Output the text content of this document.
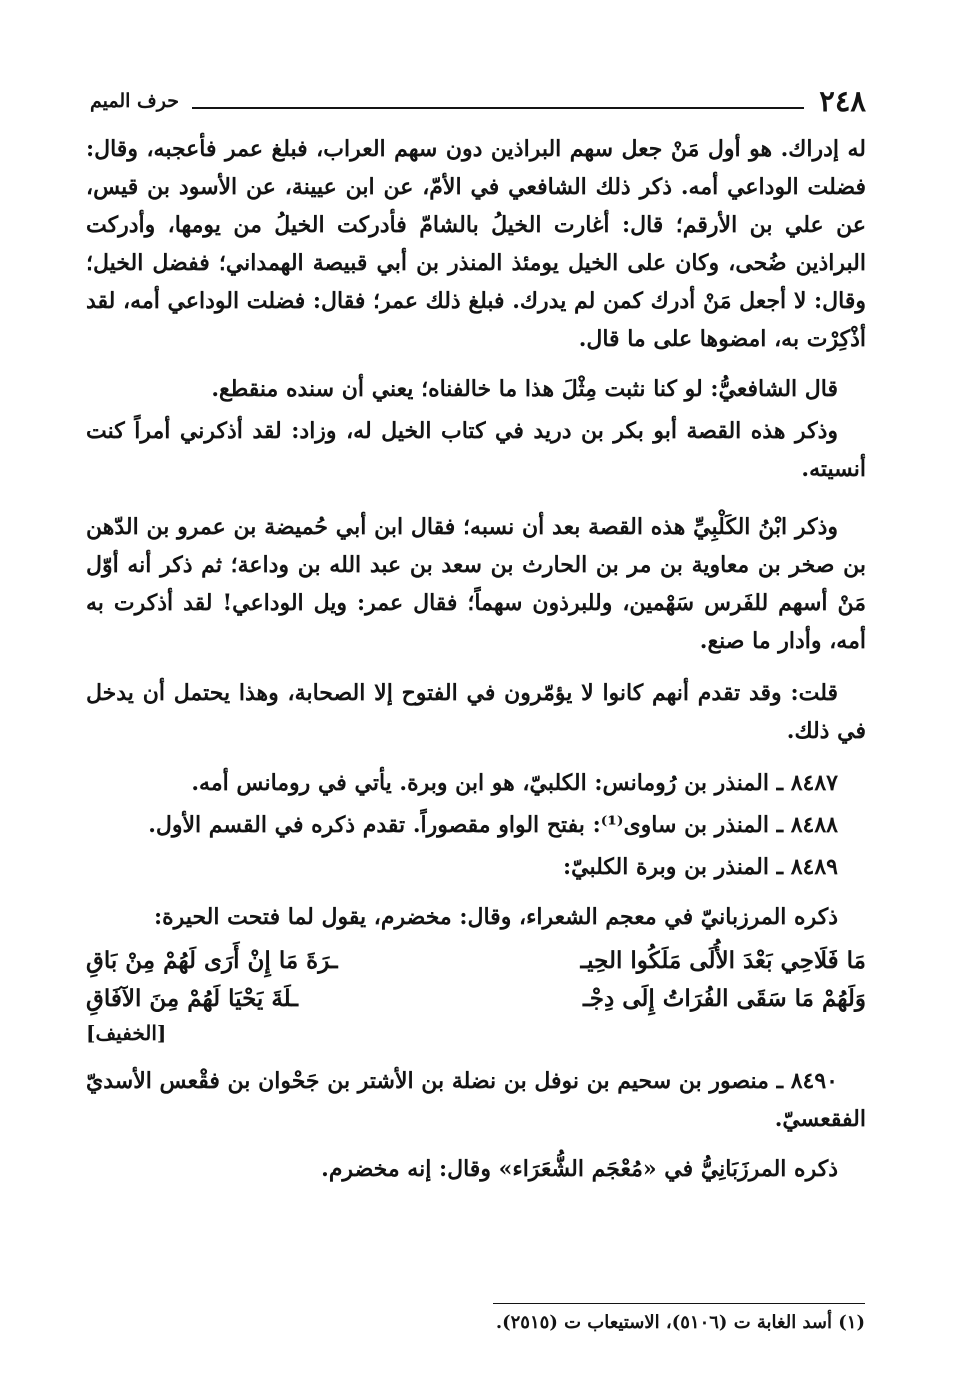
٢٤٨
حرف الميم

له إدراك. هو أول مَنْ جعل سهم البراذين دون سهم العراب، فبلغ عمر فأعجبه، وقال: فضلت الوداعي أمه. ذكر ذلك الشافعي في الأمّ، عن ابن عيينة، عن الأسود بن قيس، عن علي بن الأرقم؛ قال: أغارت الخيلُ بالشامّ فأدركت الخيلُ من يومها، وأدركت البراذين ضُحى، وكان على الخيل يومئذ المنذر بن أبي قبيصة الهمداني؛ ففضل الخيل؛ وقال: لا أجعل مَنْ أدرك كمن لم يدرك. فبلغ ذلك عمر؛ فقال: فضلت الوداعي أمه، لقد أذْكِرْت به، امضوها على ما قال.

قال الشافعيُّ: لو كنا نثبت مِثْلَ هذا ما خالفناه؛ يعني أن سنده منقطع.

وذكر هذه القصة أبو بكر بن دريد في كتاب الخيل له، وزاد: لقد أذكرني أمراً كنت أنسيته.

وذكر ابْنُ الكَلْبِيِّ هذه القصة بعد أن نسبه؛ فقال ابن أبي حُميضة بن عمرو بن الدّهن بن صخر بن معاوية بن مر بن الحارث بن سعد بن عبد الله بن وداعة؛ ثم ذكر أنه أوّل مَنْ أسهم للفَرس سَهْمين، وللبرذون سهماً؛ فقال عمر: ويل الوداعي! لقد أذكرت به أمه، وأدار ما صنع.

قلت: وقد تقدم أنهم كانوا لا يؤمّرون في الفتوح إلا الصحابة، وهذا يحتمل أن يدخل في ذلك.

٨٤٨٧ ـ المنذر بن رُومانس: الكلبيّ، هو ابن وبرة. يأتي في رومانس أمه.

٨٤٨٨ ـ المنذر بن ساوى⁽¹⁾: بفتح الواو مقصوراً. تقدم ذكره في القسم الأول.

٨٤٨٩ ـ المنذر بن وبرة الكلبيّ:

ذكره المرزبانيّ في معجم الشعراء، وقال: مخضرم، يقول لما فتحت الحيرة:

مَا فَلَاحِي بَعْدَ الأُلَى مَلَكُوا الحِيـ
ـرَةَ مَا إِنْ أَرَى لَهُمْ مِنْ بَاقِ
وَلَهُمْ مَا سَقَى الفُرَاتُ إِلَى دِجْـ
ـلَةَ يَحْيَا لَهُمْ مِنَ الآفَاقِ
[الخفيف]

٨٤٩٠ ـ منصور بن سحيم بن نوفل بن نضلة بن الأشتر بن جَحْوان بن فقْعس الأسديّ الفقعسيّ.

ذكره المرزَبَانِيُّ في «مُعْجَم الشُّعَرَاء» وقال: إنه مخضرم.

(١) أسد الغابة ت (٥١٠٦)، الاستيعاب ت (٢٥١٥).
